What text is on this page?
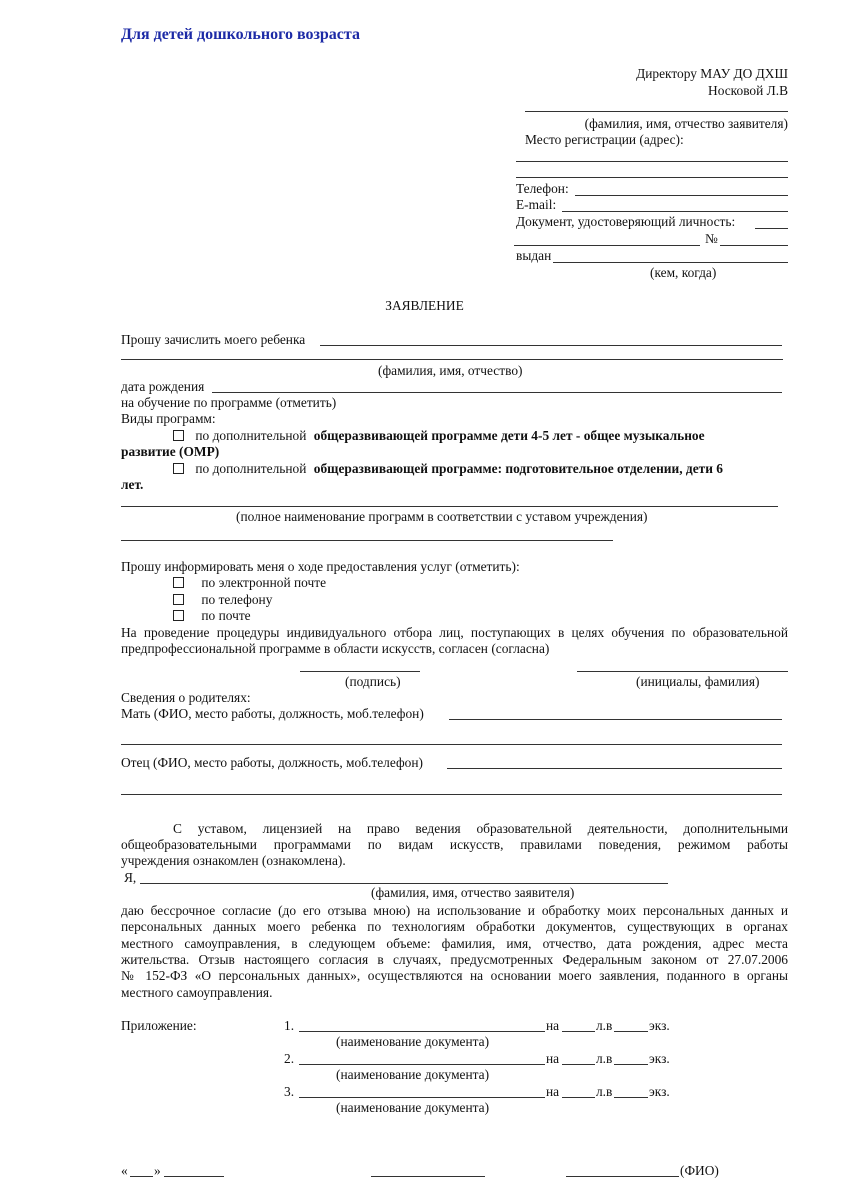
Для детей дошкольного возраста
Директору МАУ ДО ДХШ
Носковой Л.В
(фамилия, имя, отчество заявителя)
Место регистрации (адрес):
Телефон:
E-mail:
Документ, удостоверяющий личность:
№
выдан
(кем, когда)
ЗАЯВЛЕНИЕ
Прошу зачислить моего ребенка
(фамилия, имя, отчество)
дата рождения
на обучение по программе (отметить)
Виды программ:
по дополнительной общеразвивающей программе дети 4-5 лет - общее музыкальное
развитие (ОМР)
по дополнительной общеразвивающей программе: подготовительное отделении, дети 6
лет.
(полное наименование программ в соответствии с уставом учреждения)
Прошу информировать меня о ходе предоставления услуг (отметить):
по электронной почте
по телефону
по почте
На проведение процедуры индивидуального отбора лиц, поступающих в целях обучения по образовательной
предпрофессиональной программе в области искусств, согласен (согласна)
(подпись)	(инициалы, фамилия)
Сведения о родителях:
Мать (ФИО, место работы, должность, моб.телефон)
Отец (ФИО, место работы, должность, моб.телефон)
С уставом, лицензией на право ведения образовательной деятельности, дополнительными
общеобразовательными программами по видам искусств, правилами поведения, режимом работы
учреждения ознакомлен (ознакомлена).
Я,
(фамилия, имя, отчество заявителя)
даю бессрочное согласие (до его отзыва мною) на использование и обработку моих персональных данных и
персональных данных моего ребенка по технологиям обработки документов, существующих в органах
местного самоуправления, в следующем объеме: фамилия, имя, отчество, дата рождения, адрес места
жительства. Отзыв настоящего согласия в случаях, предусмотренных Федеральным законом от 27.07.2006
№ 152-ФЗ «О персональных данных», осуществляются на основании моего заявления, поданного в органы
местного самоуправления.
Приложение:	1.	на	л.в	экз.
(наименование документа)
2.	на	л.в	экз.
(наименование документа)
3.	на	л.в	экз.
(наименование документа)
« »	(ФИО)
